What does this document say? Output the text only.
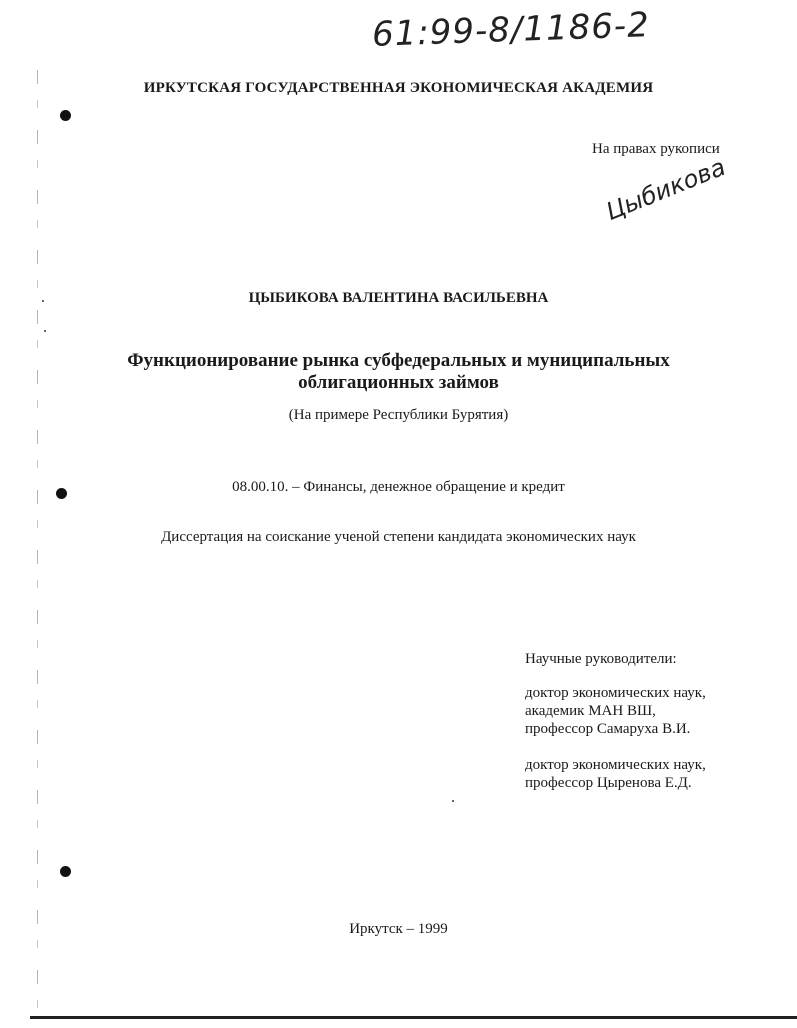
61:99-8/1186-2
ИРКУТСКАЯ ГОСУДАРСТВЕННАЯ ЭКОНОМИЧЕСКАЯ АКАДЕМИЯ
На правах рукописи
Цыбикова
ЦЫБИКОВА ВАЛЕНТИНА ВАСИЛЬЕВНА
Функционирование рынка субфедеральных и муниципальных
облигационных займов
(На примере Республики Бурятия)
08.00.10. – Финансы, денежное обращение и кредит
Диссертация на соискание ученой степени кандидата экономических наук
Научные руководители:
доктор экономических наук,
академик МАН ВШ,
профессор Самаруха В.И.
доктор экономических наук,
профессор Цыренова Е.Д.
Иркутск – 1999
